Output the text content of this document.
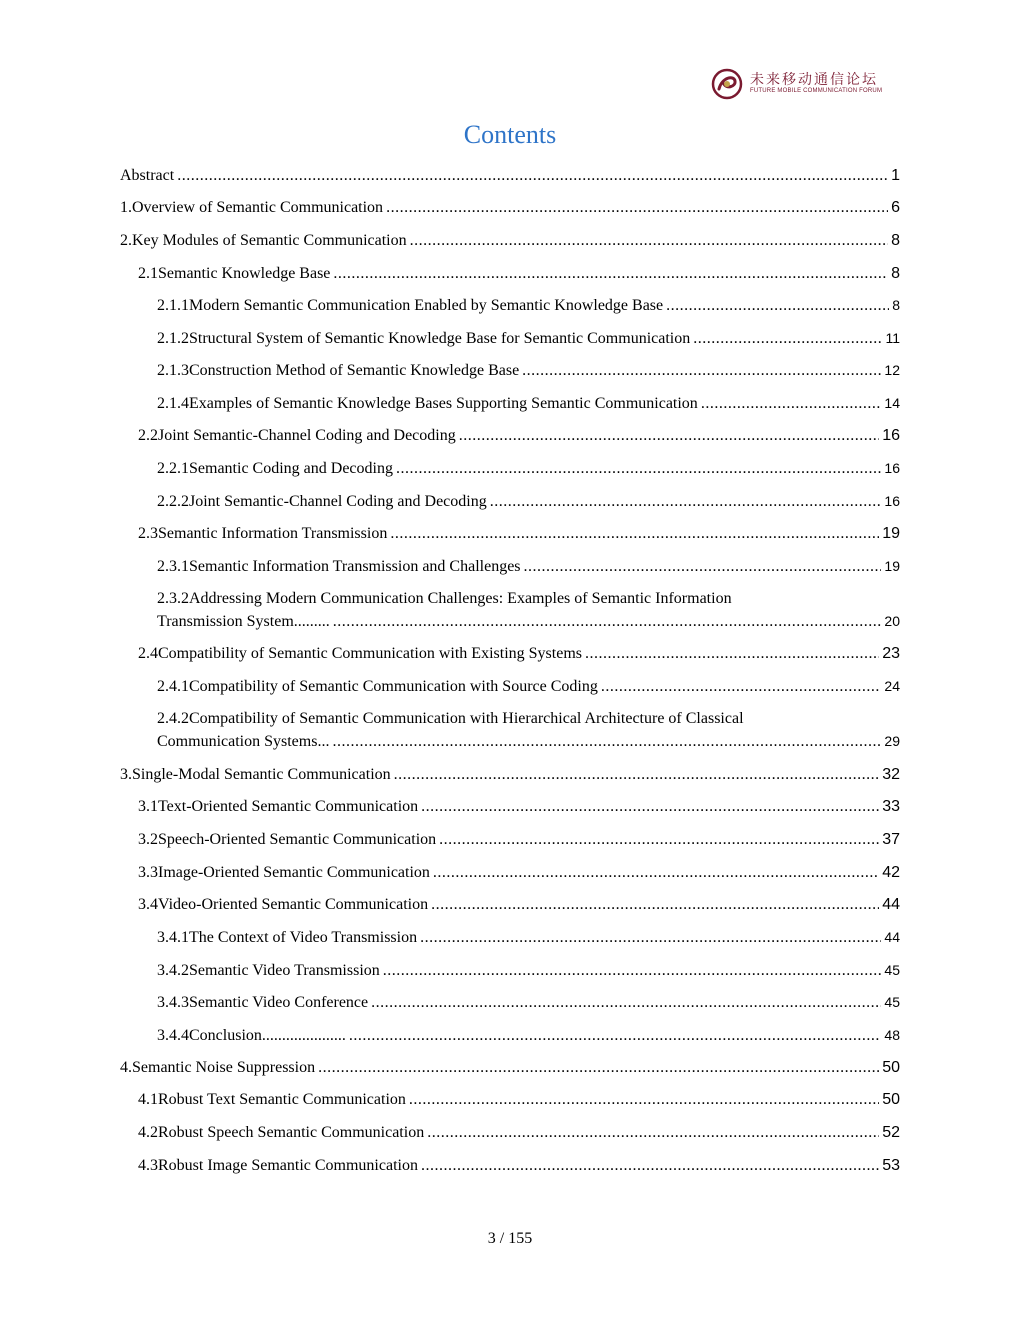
未来移动通信论坛
FUTURE MOBILE COMMUNICATION FORUM
Contents
Abstract .....	1
1.Overview of Semantic Communication .....	6
2.Key Modules of Semantic Communication .....	8
2.1Semantic Knowledge Base .....	8
2.1.1Modern Semantic Communication Enabled by Semantic Knowledge Base .....	8
2.1.2Structural System of Semantic Knowledge Base for Semantic Communication .....	11
2.1.3Construction Method of Semantic Knowledge Base .....	12
2.1.4Examples of Semantic Knowledge Bases Supporting Semantic Communication .....	14
2.2Joint Semantic-Channel Coding and Decoding .....	16
2.2.1Semantic Coding and Decoding .....	16
2.2.2Joint Semantic-Channel Coding and Decoding .....	16
2.3Semantic Information Transmission .....	19
2.3.1Semantic Information Transmission and Challenges .....	19
2.3.2Addressing Modern Communication Challenges: Examples of Semantic Information
Transmission System......... .....	20
2.4Compatibility of Semantic Communication with Existing Systems .....	23
2.4.1Compatibility of Semantic Communication with Source Coding .....	24
2.4.2Compatibility of Semantic Communication with Hierarchical Architecture of Classical
Communication Systems... .....	29
3.Single-Modal Semantic Communication .....	32
3.1Text-Oriented Semantic Communication .....	33
3.2Speech-Oriented Semantic Communication .....	37
3.3Image-Oriented Semantic Communication .....	42
3.4Video-Oriented Semantic Communication .....	44
3.4.1The Context of Video Transmission .....	44
3.4.2Semantic Video Transmission .....	45
3.4.3Semantic Video Conference .....	45
3.4.4Conclusion..................... .....	48
4.Semantic Noise Suppression .....	50
4.1Robust Text Semantic Communication .....	50
4.2Robust Speech Semantic Communication .....	52
4.3Robust Image Semantic Communication .....	53
3 / 155
